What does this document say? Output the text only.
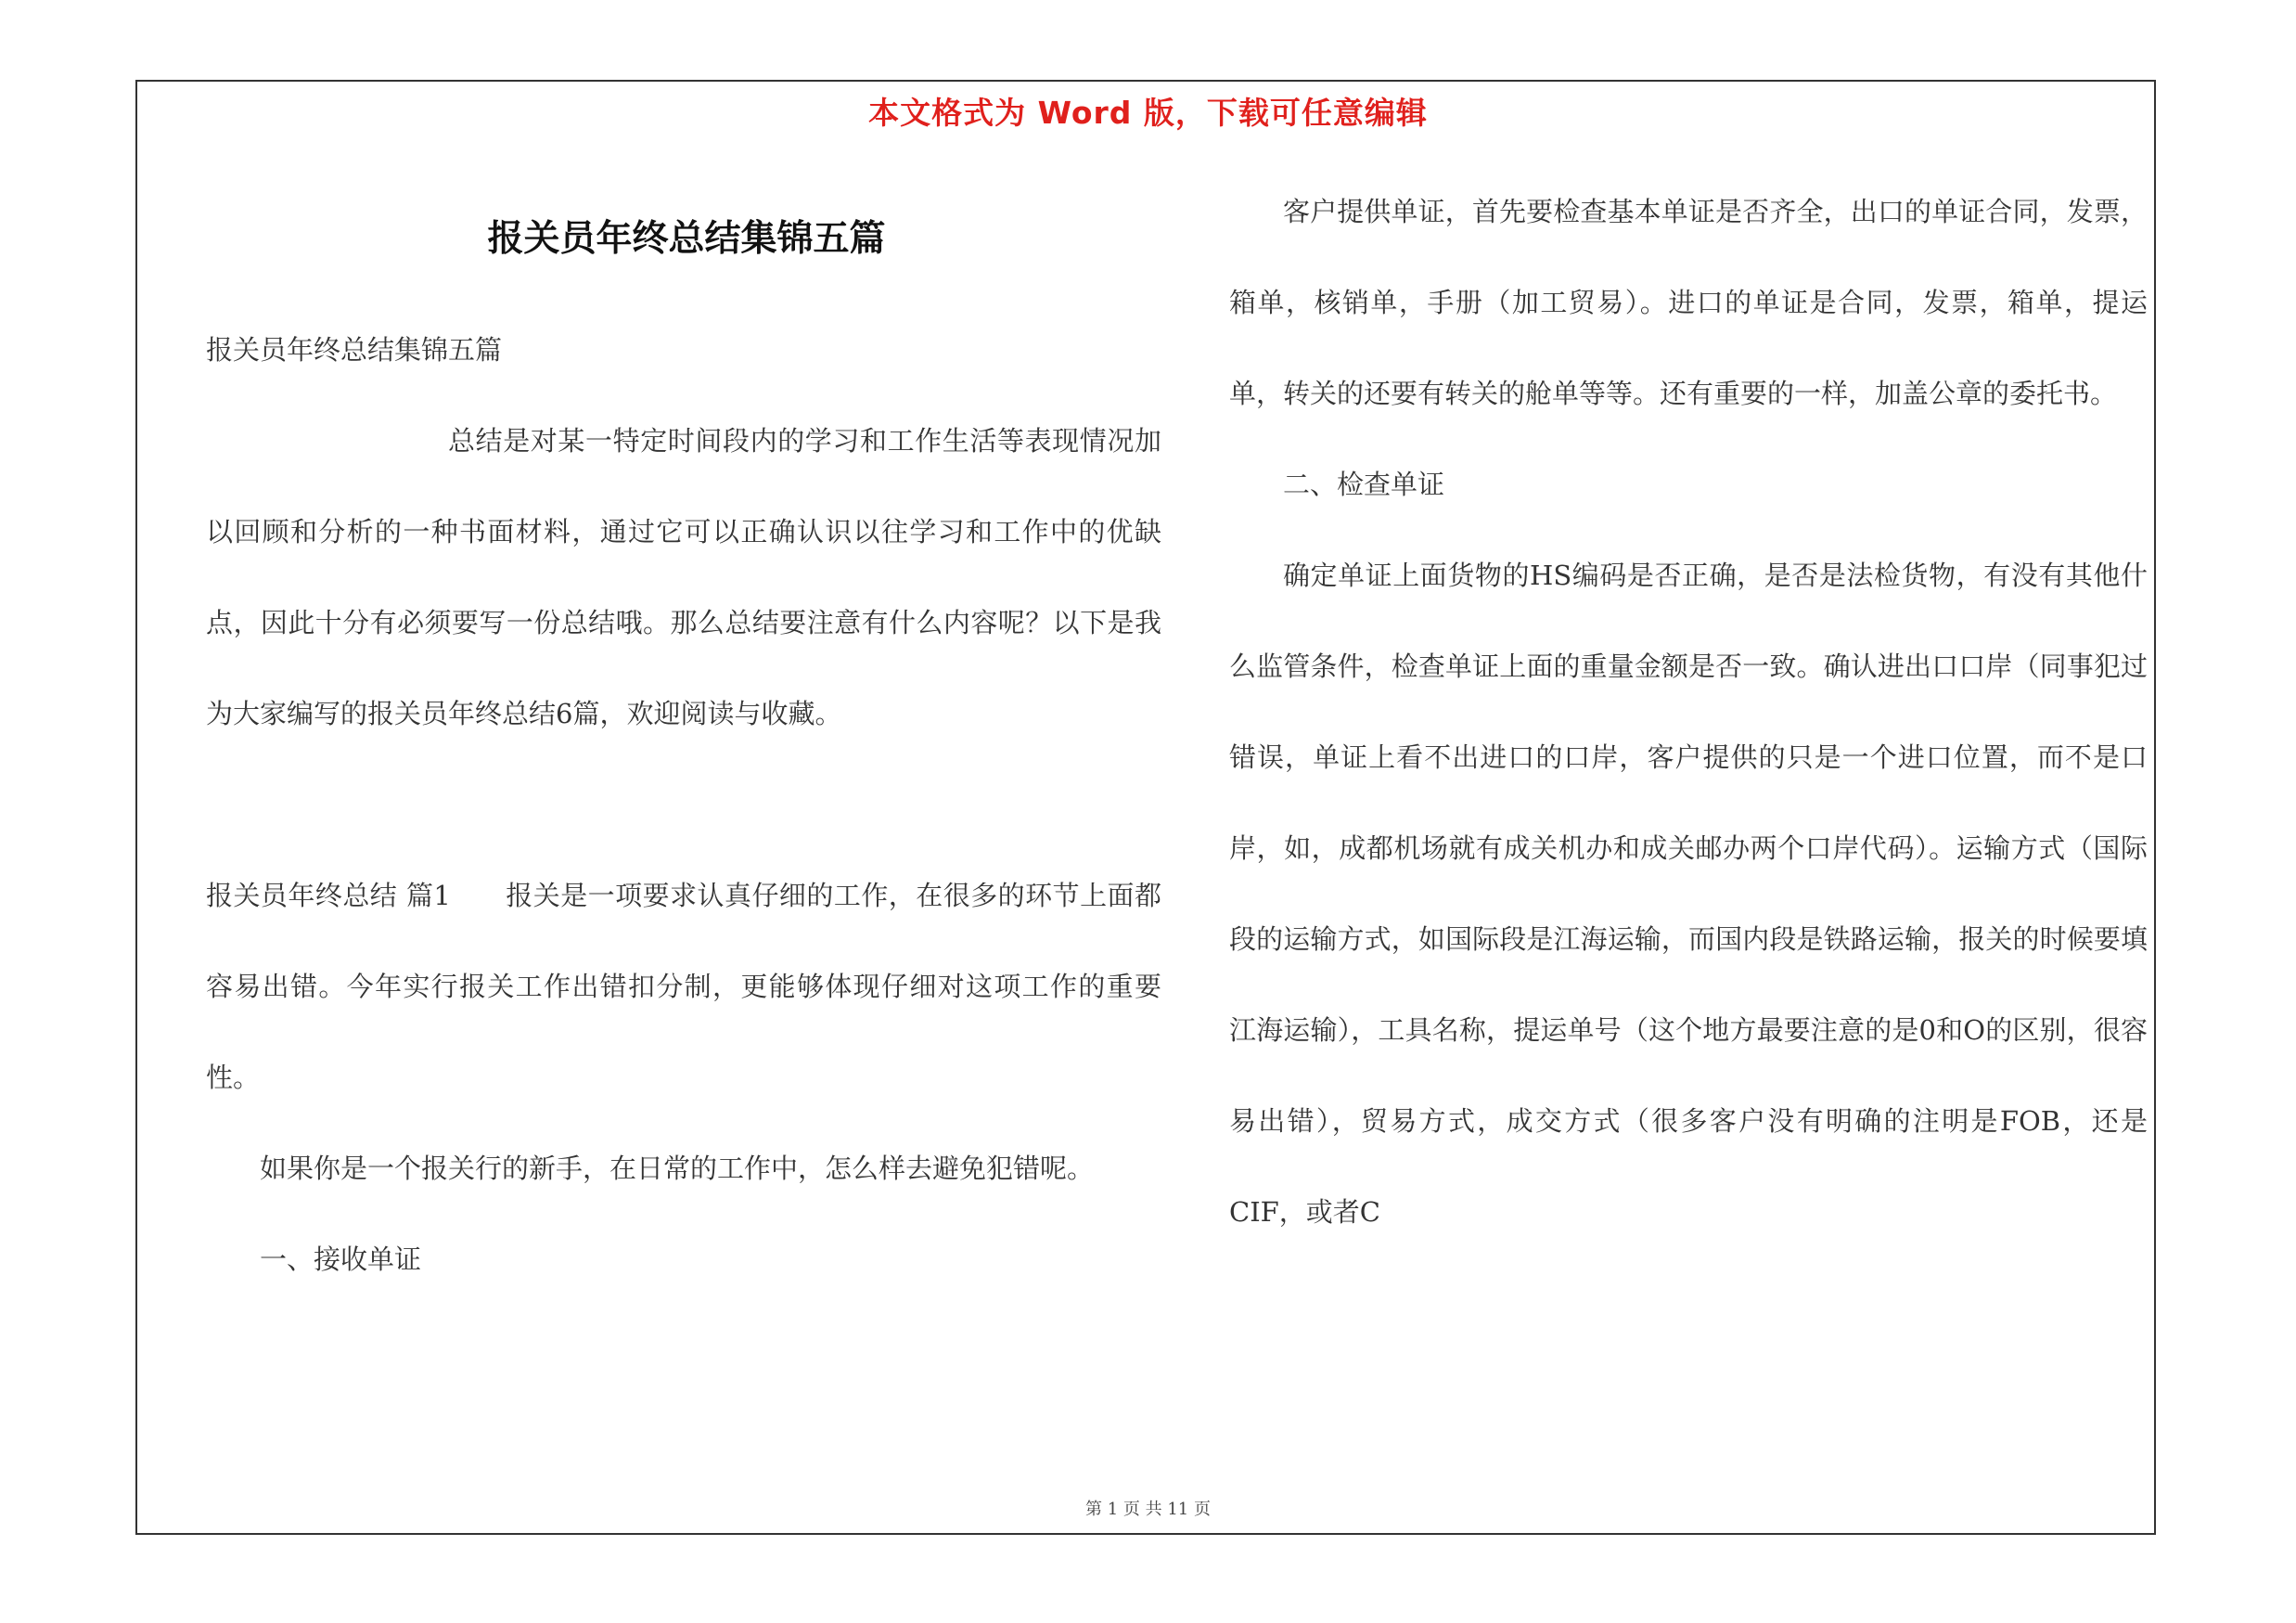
本文格式为 Word 版，下载可任意编辑
报关员年终总结集锦五篇

报关员年终总结集锦五篇

总结是对某一特定时间段内的学习和工作生活等表现情况加以回顾和分析的一种书面材料，通过它可以正确认识以往学习和工作中的优缺点，因此十分有必须要写一份总结哦。那么总结要注意有什么内容呢？以下是我为大家编写的报关员年终总结6篇，欢迎阅读与收藏。

报关员年终总结 篇1　　报关是一项要求认真仔细的工作，在很多的环节上面都容易出错。今年实行报关工作出错扣分制，更能够体现仔细对这项工作的重要性。

如果你是一个报关行的新手，在日常的工作中，怎么样去避免犯错呢。

一、接收单证

客户提供单证，首先要检查基本单证是否齐全，出口的单证合同，发票，箱单，核销单，手册（加工贸易）。进口的单证是合同，发票，箱单，提运单，转关的还要有转关的舱单等等。还有重要的一样，加盖公章的委托书。

二、检查单证

确定单证上面货物的HS编码是否正确，是否是法检货物，有没有其他什么监管条件，检查单证上面的重量金额是否一致。确认进出口口岸（同事犯过错误，单证上看不出进口的口岸，客户提供的只是一个进口位置，而不是口岸，如，成都机场就有成关机办和成关邮办两个口岸代码）。运输方式（国际段的运输方式，如国际段是江海运输，而国内段是铁路运输，报关的时候要填江海运输），工具名称，提运单号（这个地方最要注意的是0和O的区别，很容易出错），贸易方式，成交方式（很多客户没有明确的注明是FOB，还是CIF，或者C

第 1 页 共 11 页
